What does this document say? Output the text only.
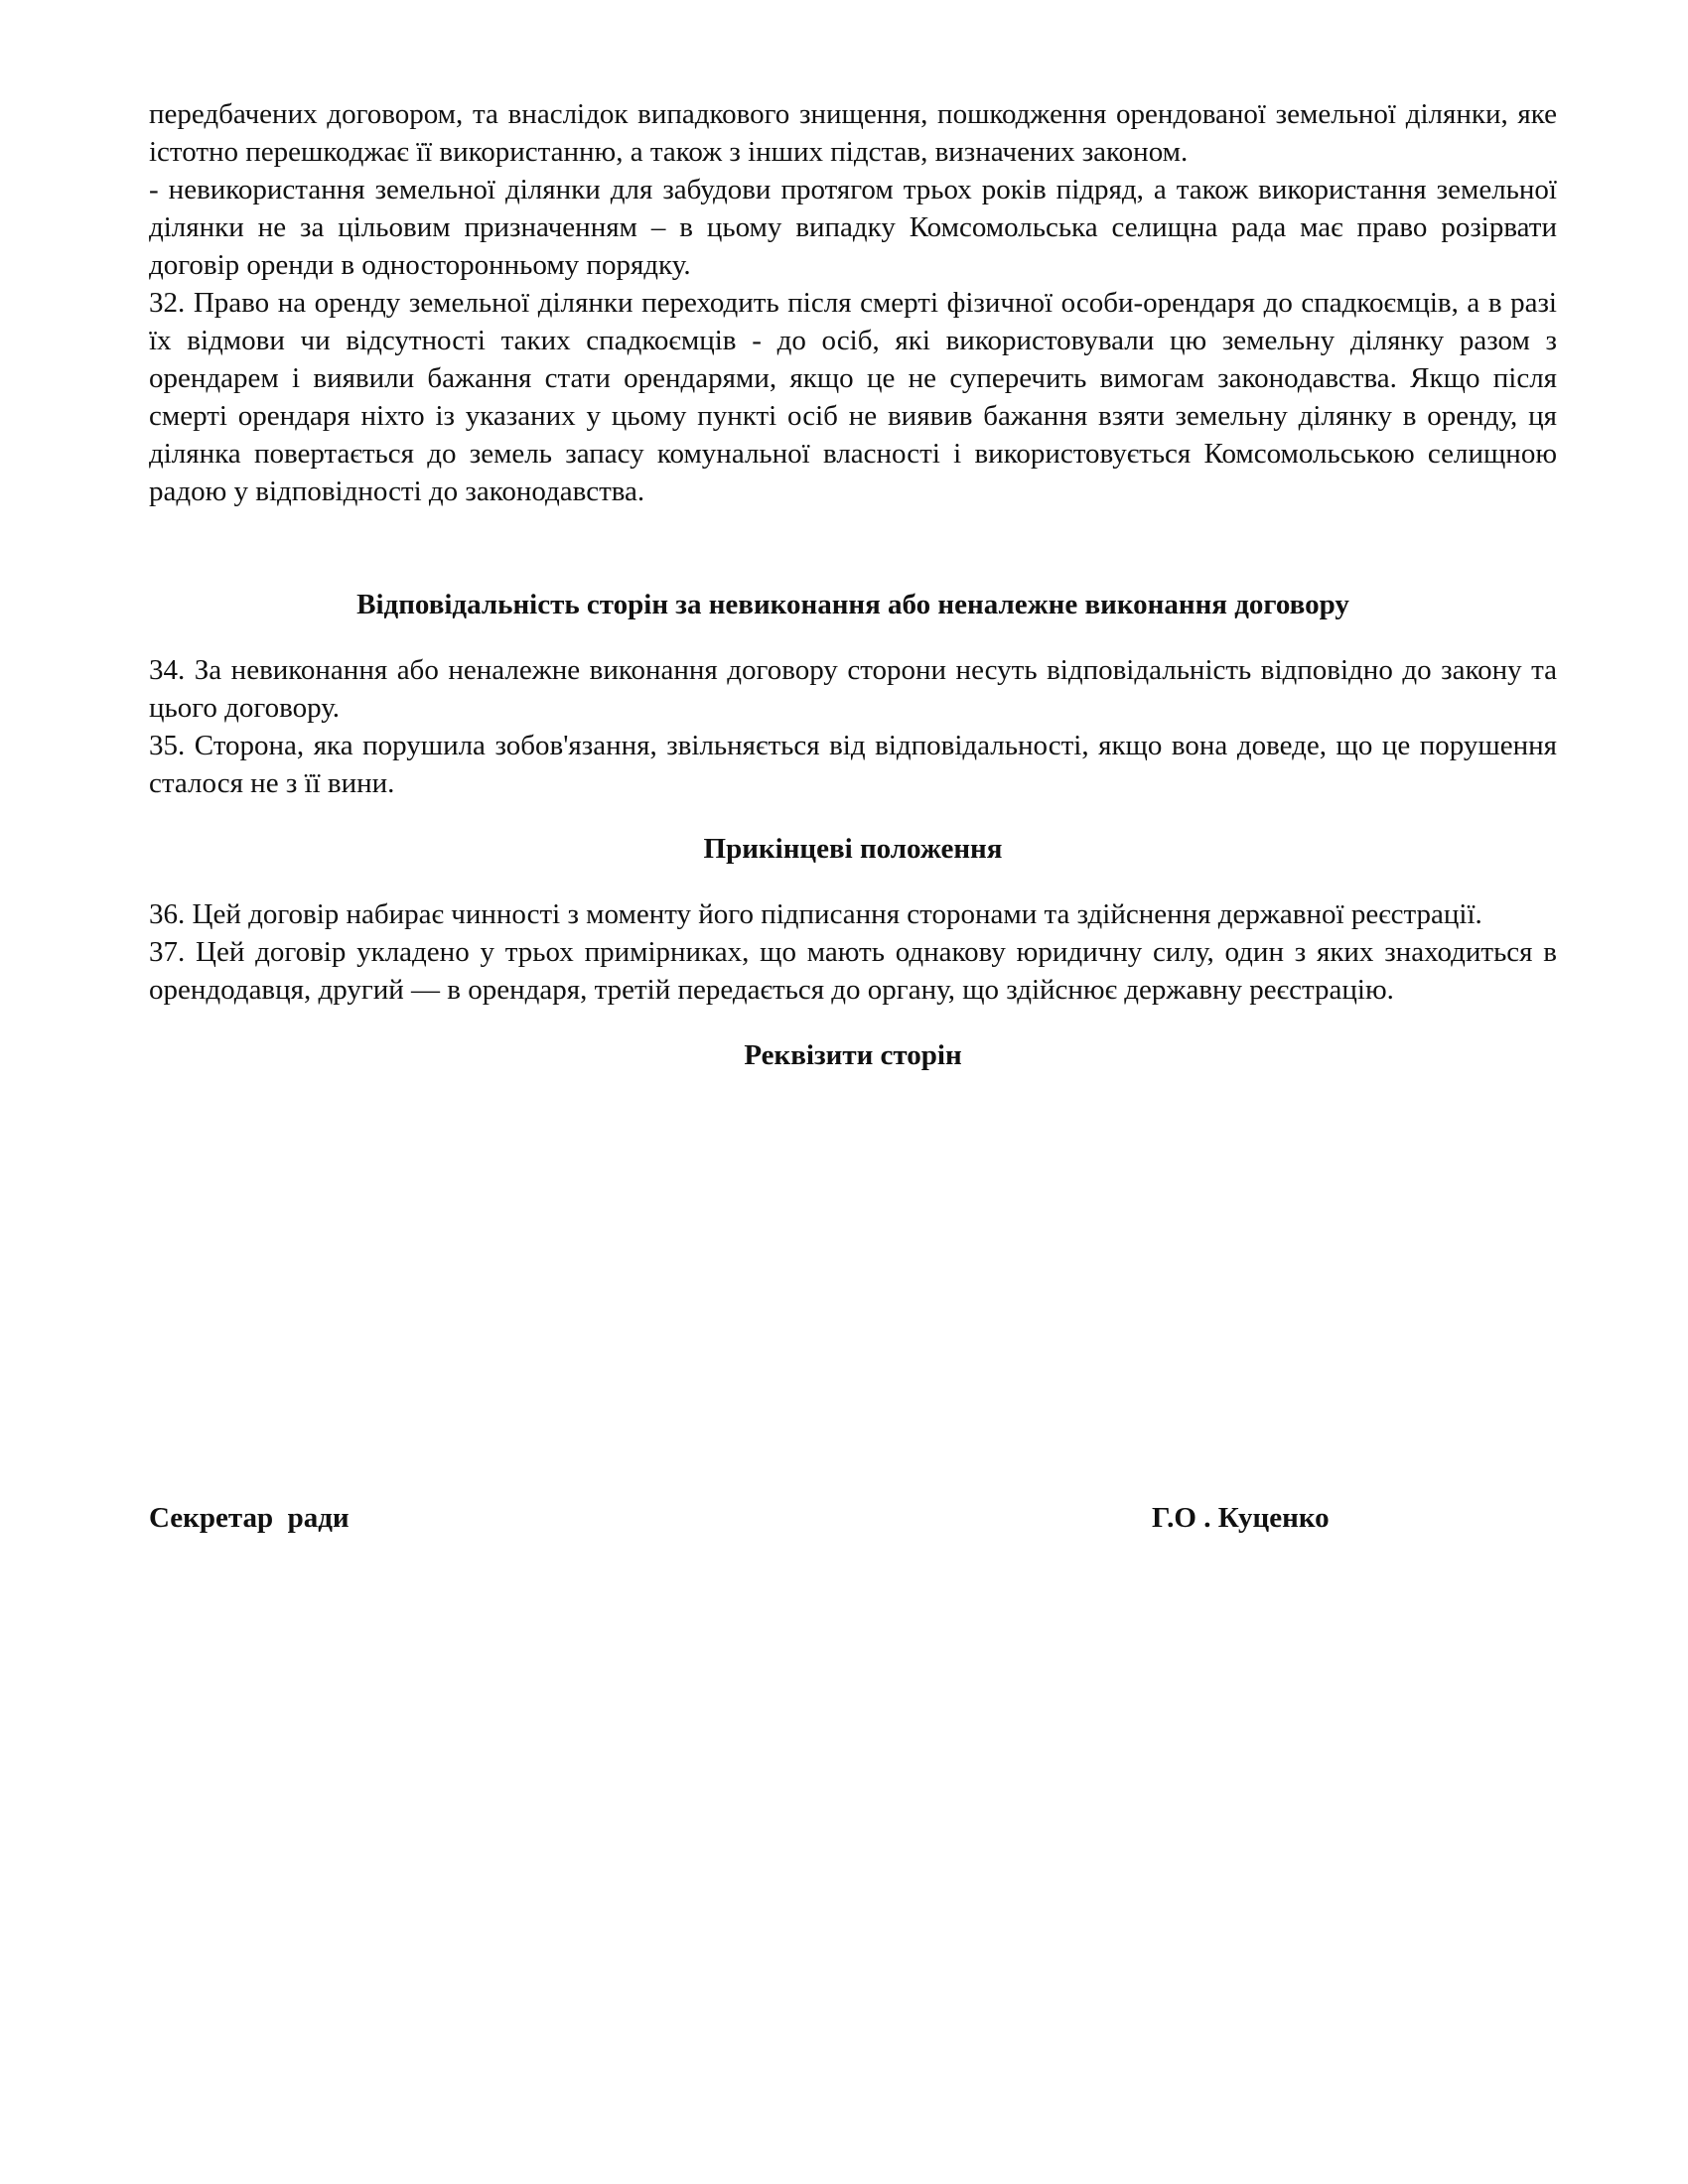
передбачених договором, та внаслідок випадкового знищення, пошкодження орендованої земельної ділянки, яке істотно перешкоджає її використанню, а також з інших підстав, визначених законом.

- невикористання земельної ділянки для забудови протягом трьох років підряд, а також використання земельної ділянки не за цільовим призначенням – в цьому випадку Комсомольська селищна рада має право розірвати договір оренди в односторонньому порядку.

32. Право на оренду земельної ділянки переходить після смерті фізичної особи-орендаря до спадкоємців, а в разі їх відмови чи відсутності таких спадкоємців - до осіб, які використовували цю земельну ділянку разом з орендарем і виявили бажання стати орендарями, якщо це не суперечить вимогам законодавства. Якщо після смерті орендаря ніхто із указаних у цьому пункті осіб не виявив бажання взяти земельну ділянку в оренду, ця ділянка повертається до земель запасу комунальної власності і використовується Комсомольською селищною радою у відповідності до законодавства.

Відповідальність сторін за невиконання або неналежне виконання договору

34. За невиконання або неналежне виконання договору сторони несуть відповідальність відповідно до закону та цього договору.

35. Сторона, яка порушила зобов'язання, звільняється від відповідальності, якщо вона доведе, що це порушення сталося не з її вини.

Прикінцеві положення

36. Цей договір набирає чинності з моменту його підписання сторонами та здійснення державної реєстрації.

37. Цей договір укладено у трьох примірниках, що мають однакову юридичну силу, один з яких знаходиться в орендодавця, другий — в орендаря, третій передається до органу, що здійснює державну реєстрацію.

Реквізити сторін

Секретар  ради	Г.О . Куценко
